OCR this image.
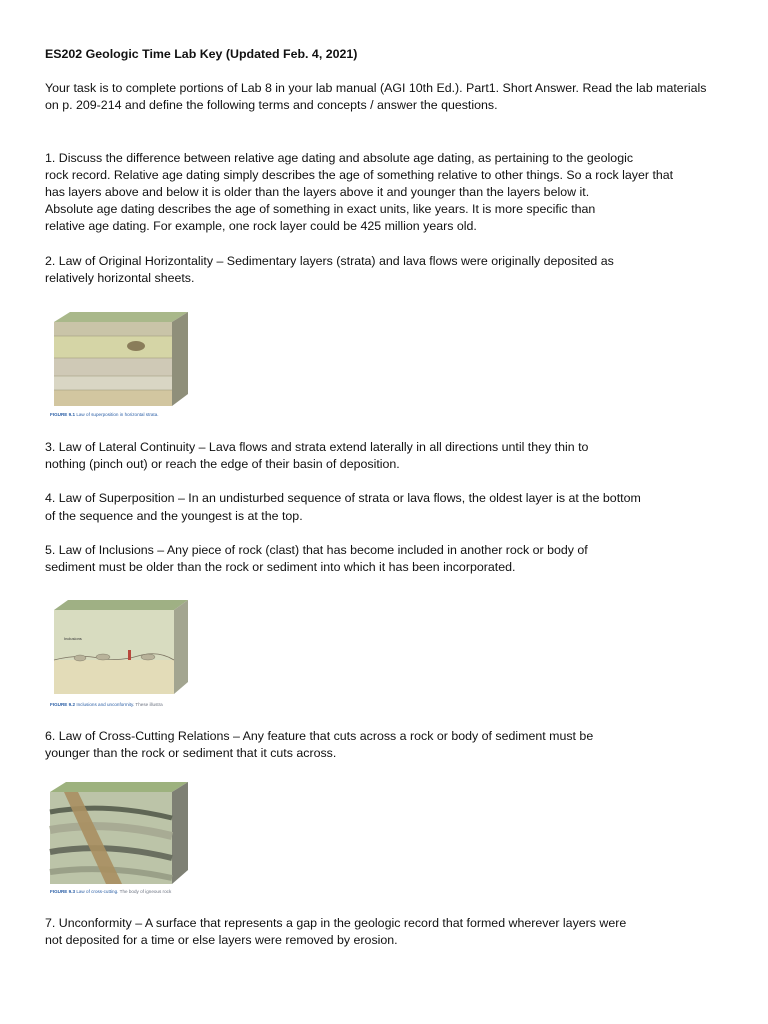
ES202 Geologic Time Lab Key (Updated Feb. 4, 2021)

Your task is to complete portions of Lab 8 in your lab manual (AGI 10th Ed.). Part1. Short Answer. Read the lab materials
on p. 209-214 and define the following terms and concepts / answer the questions.

1. Discuss the difference between relative age dating and absolute age dating, as pertaining to the geologic
rock record. Relative age dating simply describes the age of something relative to other things. So a rock layer that
has layers above and below it is older than the layers above it and younger than the layers below it.
Absolute age dating describes the age of something in exact units, like years. It is more specific than
relative age dating. For example, one rock layer could be 425 million years old.

2. Law of Original Horizontality – Sedimentary layers (strata) and lava flows were originally deposited as
relatively horizontal sheets.

3. Law of Lateral Continuity – Lava flows and strata extend laterally in all directions until they thin to
nothing (pinch out) or reach the edge of their basin of deposition.

4. Law of Superposition – In an undisturbed sequence of strata or lava flows, the oldest layer is at the bottom
of the sequence and the youngest is at the top.

5. Law of Inclusions – Any piece of rock (clast) that has become included in another rock or body of
sediment must be older than the rock or sediment into which it has been incorporated.

6. Law of Cross-Cutting Relations – Any feature that cuts across a rock or body of sediment must be
younger than the rock or sediment that it cuts across.

7. Unconformity – A surface that represents a gap in the geologic record that formed wherever layers were
not deposited for a time or else layers were removed by erosion.

FIGURE 9.1 Law of superposition in horizontal strata.
Inclusions
FIGURE 9.2 Inclusions and unconformity. These illustra
FIGURE 9.3 Law of cross-cutting. The body of igneous rock
